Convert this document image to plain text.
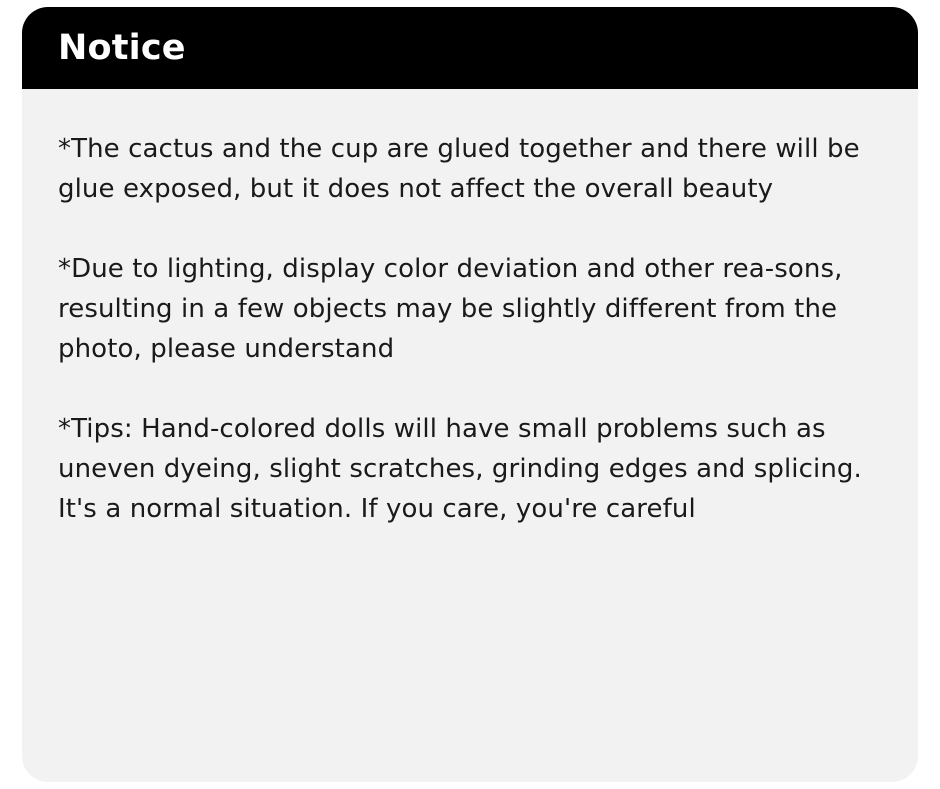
Notice

*The cactus and the cup are glued together and there will be glue exposed, but it does not affect the overall beauty

*Due to lighting, display color deviation and other rea-sons, resulting in a few objects may be slightly different from the photo, please understand

*Tips: Hand-colored dolls will have small problems such as uneven dyeing, slight scratches, grinding edges and splicing. It's a normal situation. If you care, you're careful
